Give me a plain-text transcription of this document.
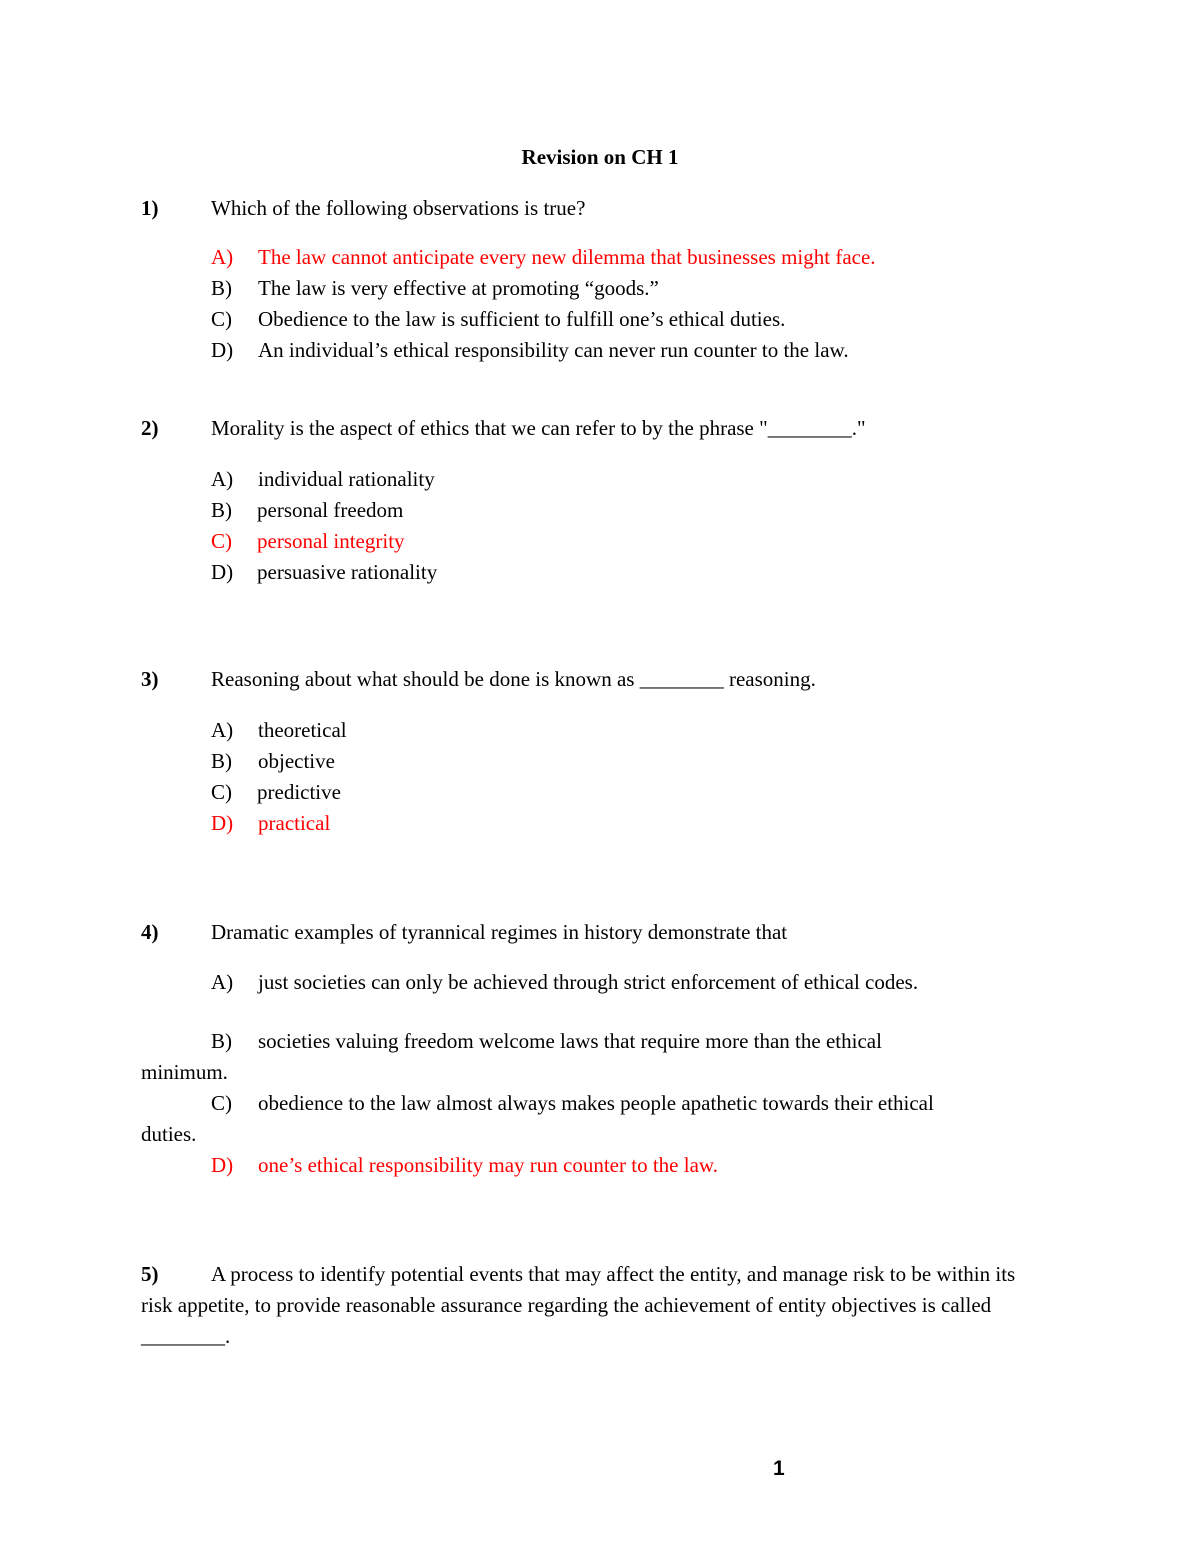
Revision on CH 1
1)	Which of the following observations is true?
A) The law cannot anticipate every new dilemma that businesses might face.
B) The law is very effective at promoting “goods.”
C) Obedience to the law is sufficient to fulfill one’s ethical duties.
D) An individual’s ethical responsibility can never run counter to the law.
2)	Morality is the aspect of ethics that we can refer to by the phrase "________."
A) individual rationality
B) personal freedom
C) personal integrity
D) persuasive rationality
3)	Reasoning about what should be done is known as ________ reasoning.
A) theoretical
B) objective
C) predictive
D) practical
4)	Dramatic examples of tyrannical regimes in history demonstrate that
A) just societies can only be achieved through strict enforcement of ethical codes.
B) societies valuing freedom welcome laws that require more than the ethical
minimum.
C) obedience to the law almost always makes people apathetic towards their ethical
duties.
D) one’s ethical responsibility may run counter to the law.
5)	A process to identify potential events that may affect the entity, and manage risk to be within its risk appetite, to provide reasonable assurance regarding the achievement of entity objectives is called ________.
1
